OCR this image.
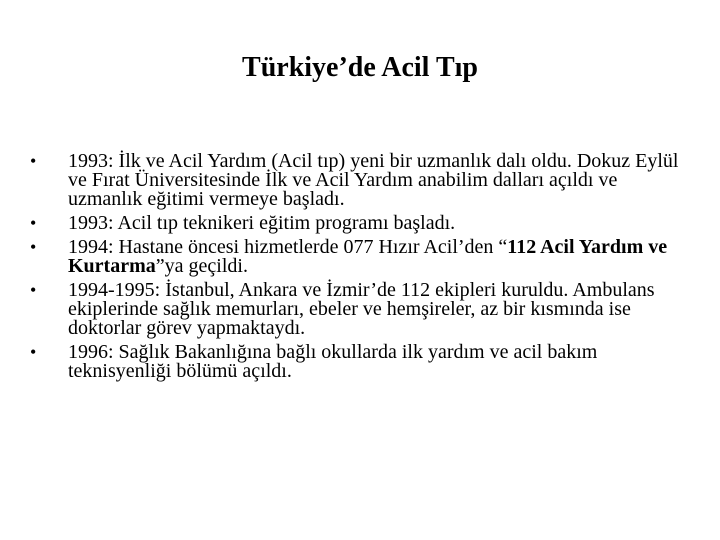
Türkiye’de Acil Tıp
•	1993: İlk ve Acil Yardım (Acil tıp) yeni bir uzmanlık dalı oldu. Dokuz Eylül ve Fırat Üniversitesinde İlk ve Acil Yardım anabilim dalları açıldı ve uzmanlık eğitimi vermeye başladı.
•	1993: Acil tıp teknikeri eğitim programı başladı.
•	1994: Hastane öncesi hizmetlerde 077 Hızır Acil’den “112 Acil Yardım ve Kurtarma”ya geçildi.
•	1994-1995: İstanbul, Ankara ve İzmir’de 112 ekipleri kuruldu. Ambulans ekiplerinde sağlık memurları, ebeler ve hemşireler, az bir kısmında ise doktorlar görev yapmaktaydı.
•	1996: Sağlık Bakanlığına bağlı okullarda ilk yardım ve acil bakım teknisyenliği bölümü açıldı.
